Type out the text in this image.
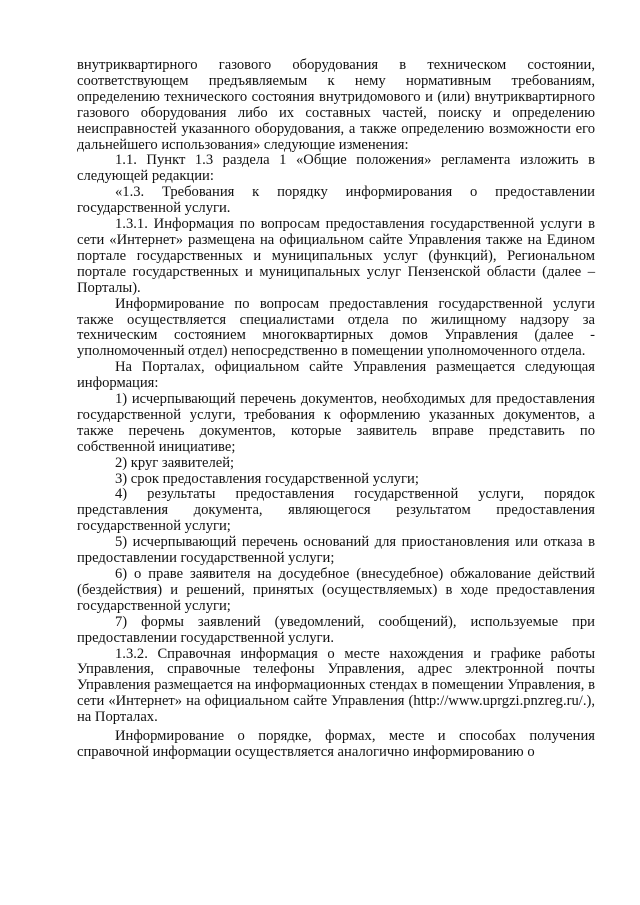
внутриквартирного газового оборудования в техническом состоянии, соответствующем предъявляемым к нему нормативным требованиям, определению технического состояния внутридомового и (или) внутриквартирного газового оборудования либо их составных частей, поиску и определению неисправностей указанного оборудования, а также определению возможности его дальнейшего использования» следующие изменения:

1.1. Пункт 1.3 раздела 1 «Общие положения» регламента изложить в следующей редакции:

«1.3. Требования к порядку информирования о предоставлении государственной услуги.

1.3.1. Информация по вопросам предоставления государственной услуги в сети «Интернет» размещена на официальном сайте Управления также на Едином портале государственных и муниципальных услуг (функций), Региональном портале государственных и муниципальных услуг Пензенской области (далее – Порталы).

Информирование по вопросам предоставления государственной услуги также осуществляется специалистами отдела по жилищному надзору за техническим состоянием многоквартирных домов Управления (далее - уполномоченный отдел) непосредственно в помещении уполномоченного отдела.

На Порталах, официальном сайте Управления размещается следующая информация:

1) исчерпывающий перечень документов, необходимых для предоставления государственной услуги, требования к оформлению указанных документов, а также перечень документов, которые заявитель вправе представить по собственной инициативе;

2) круг заявителей;

3) срок предоставления государственной услуги;

4) результаты предоставления государственной услуги, порядок представления документа, являющегося результатом предоставления государственной услуги;

5) исчерпывающий перечень оснований для приостановления или отказа в предоставлении государственной услуги;

6) о праве заявителя на досудебное (внесудебное) обжалование действий (бездействия) и решений, принятых (осуществляемых) в ходе предоставления государственной услуги;

7) формы заявлений (уведомлений, сообщений), используемые при предоставлении государственной услуги.

1.3.2. Справочная информация о месте нахождения и графике работы Управления, справочные телефоны Управления, адрес электронной почты Управления размещается на информационных стендах в помещении Управления, в сети «Интернет» на официальном сайте Управления (http://www.uprgzi.pnzreg.ru/.), на Порталах.

Информирование о порядке, формах, месте и способах получения справочной информации осуществляется аналогично информированию о
